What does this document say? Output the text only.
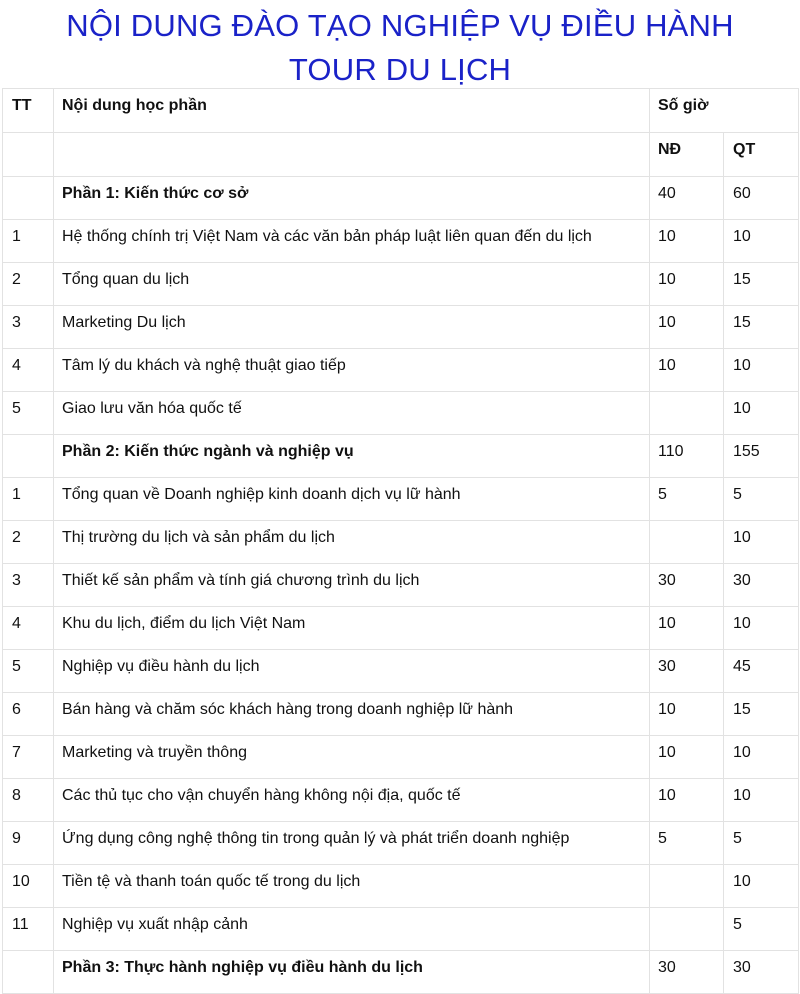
NỘI DUNG ĐÀO TẠO NGHIỆP VỤ ĐIỀU HÀNH
TOUR DU LỊCH
TT	Nội dung học phần	Số giờ	
		NĐ	QT
	Phần 1: Kiến thức cơ sở	40	60
1	Hệ thống chính trị Việt Nam và các văn bản pháp luật liên quan đến du lịch	10	10
2	Tổng quan du lịch	10	15
3	Marketing Du lịch	10	15
4	Tâm lý du khách và nghệ thuật giao tiếp	10	10
5	Giao lưu văn hóa quốc tế		10
	Phần 2: Kiến thức ngành và nghiệp vụ	110	155
1	Tổng quan về Doanh nghiệp kinh doanh dịch vụ lữ hành	5	5
2	Thị trường du lịch và sản phẩm du lịch		10
3	Thiết kế sản phẩm và tính giá chương trình du lịch	30	30
4	Khu du lịch, điểm du lịch Việt Nam	10	10
5	Nghiệp vụ điều hành du lịch	30	45
6	Bán hàng và chăm sóc khách hàng trong doanh nghiệp lữ hành	10	15
7	Marketing và truyền thông	10	10
8	Các thủ tục cho vận chuyển hàng không nội địa, quốc tế	10	10
9	Ứng dụng công nghệ thông tin trong quản lý và phát triển doanh nghiệp	5	5
10	Tiền tệ và thanh toán quốc tế trong du lịch		10
11	Nghiệp vụ xuất nhập cảnh		5
	Phần 3: Thực hành nghiệp vụ điều hành du lịch	30	30
